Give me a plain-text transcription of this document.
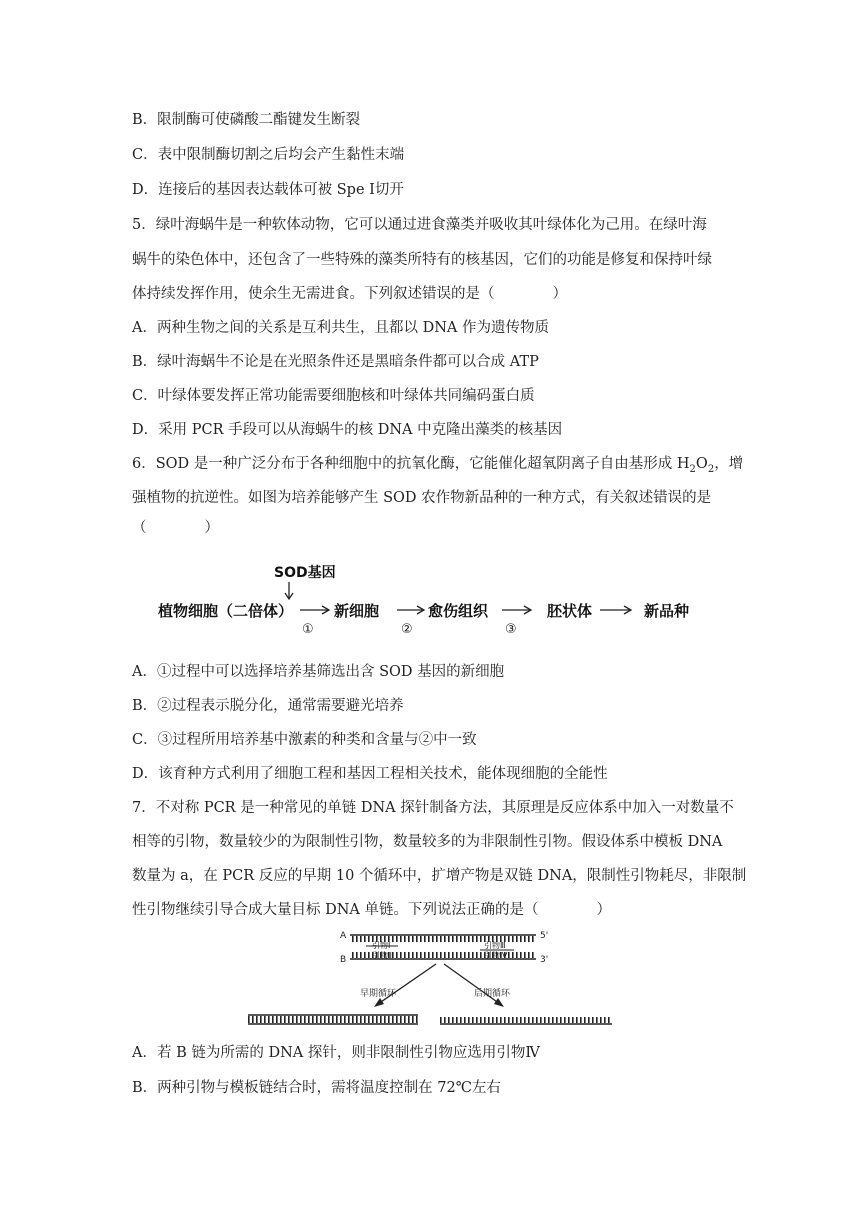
B．限制酶可使磷酸二酯键发生断裂
C．表中限制酶切割之后均会产生黏性末端
D．连接后的基因表达载体可被 Spe Ⅰ切开
5．绿叶海蜗牛是一种软体动物，它可以通过进食藻类并吸收其叶绿体化为己用。在绿叶海
蜗牛的染色体中，还包含了一些特殊的藻类所特有的核基因，它们的功能是修复和保持叶绿
体持续发挥作用，使余生无需进食。下列叙述错误的是（　　　　）
A．两种生物之间的关系是互利共生，且都以 DNA 作为遗传物质
B．绿叶海蜗牛不论是在光照条件还是黑暗条件都可以合成 ATP
C．叶绿体要发挥正常功能需要细胞核和叶绿体共同编码蛋白质
D．采用 PCR 手段可以从海蜗牛的核 DNA 中克隆出藻类的核基因
6．SOD 是一种广泛分布于各种细胞中的抗氧化酶，它能催化超氧阴离子自由基形成 $H_2O_2$，增
强植物的抗逆性。如图为培养能够产生 SOD 农作物新品种的一种方式，有关叙述错误的是
（　　　　）
SOD基因
植物细胞（二倍体）	新细胞	愈伤组织	胚状体	新品种
①	②	③
A．①过程中可以选择培养基筛选出含 SOD 基因的新细胞
B．②过程表示脱分化，通常需要避光培养
C．③过程所用培养基中激素的种类和含量与②中一致
D．该育种方式利用了细胞工程和基因工程相关技术，能体现细胞的全能性
7．不对称 PCR 是一种常见的单链 DNA 探针制备方法，其原理是反应体系中加入一对数量不
相等的引物，数量较少的为限制性引物，数量较多的为非限制性引物。假设体系中模板 DNA
数量为 a，在 PCR 反应的早期 10 个循环中，扩增产物是双链 DNA，限制性引物耗尽，非限制
性引物继续引导合成大量目标 DNA 单链。下列说法正确的是（　　　　）
A
B
5'
3'
引物Ⅰ
引物Ⅱ
引物Ⅲ
引物Ⅳ
早期循环	后期循环
A．若 B 链为所需的 DNA 探针，则非限制性引物应选用引物Ⅳ
B．两种引物与模板链结合时，需将温度控制在 72℃左右
